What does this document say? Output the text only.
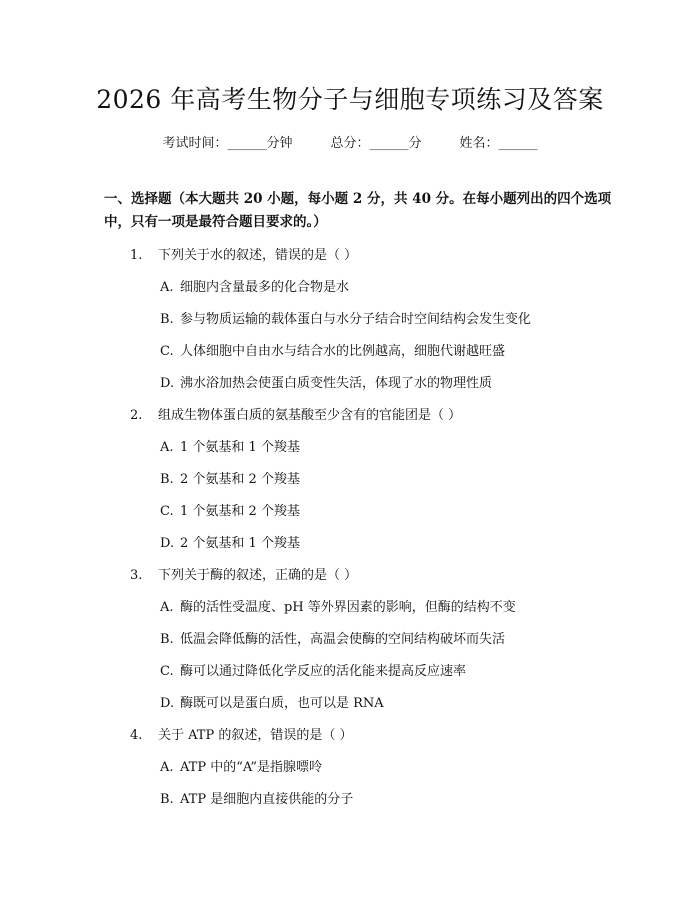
2026 年高考生物分子与细胞专项练习及答案
考试时间：______分钟	总分：______分	姓名：______
一、选择题（本大题共 20 小题，每小题 2 分，共 40 分。在每小题列出的四个选项中，只有一项是最符合题目要求的。）
1. 下列关于水的叙述，错误的是（ ）
A. 细胞内含量最多的化合物是水
B. 参与物质运输的载体蛋白与水分子结合时空间结构会发生变化
C. 人体细胞中自由水与结合水的比例越高，细胞代谢越旺盛
D. 沸水浴加热会使蛋白质变性失活，体现了水的物理性质
2. 组成生物体蛋白质的氨基酸至少含有的官能团是（ ）
A. 1 个氨基和 1 个羧基
B. 2 个氨基和 2 个羧基
C. 1 个氨基和 2 个羧基
D. 2 个氨基和 1 个羧基
3. 下列关于酶的叙述，正确的是（ ）
A. 酶的活性受温度、pH 等外界因素的影响，但酶的结构不变
B. 低温会降低酶的活性，高温会使酶的空间结构破坏而失活
C. 酶可以通过降低化学反应的活化能来提高反应速率
D. 酶既可以是蛋白质，也可以是 RNA
4. 关于 ATP 的叙述，错误的是（ ）
A. ATP 中的“A”是指腺嘌呤
B. ATP 是细胞内直接供能的分子
